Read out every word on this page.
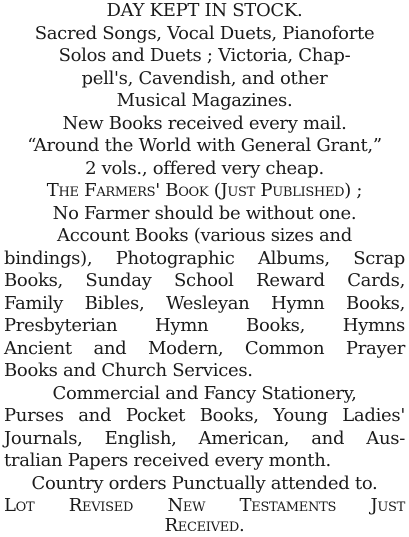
DAY KEPT IN STOCK.
Sacred Songs, Vocal Duets, Pianoforte
Solos and Duets ; Victoria, Chap-
pell's, Cavendish, and other
Musical Magazines.
New Books received every mail.
“Around the World with General Grant,”
2 vols., offered very cheap.
The Farmers' Book (Just Published) ;
No Farmer should be without one.
Account Books (various sizes and
bindings), Photographic Albums, Scrap
Books, Sunday School Reward Cards,
Family Bibles, Wesleyan Hymn Books,
Presbyterian Hymn Books, Hymns
Ancient and Modern, Common Prayer
Books and Church Services.
Commercial and Fancy Stationery,
Purses and Pocket Books, Young Ladies'
Journals, English, American, and Aus-
tralian Papers received every month.
Country orders Punctually attended to.
Lot Revised New Testaments Just
Received.
